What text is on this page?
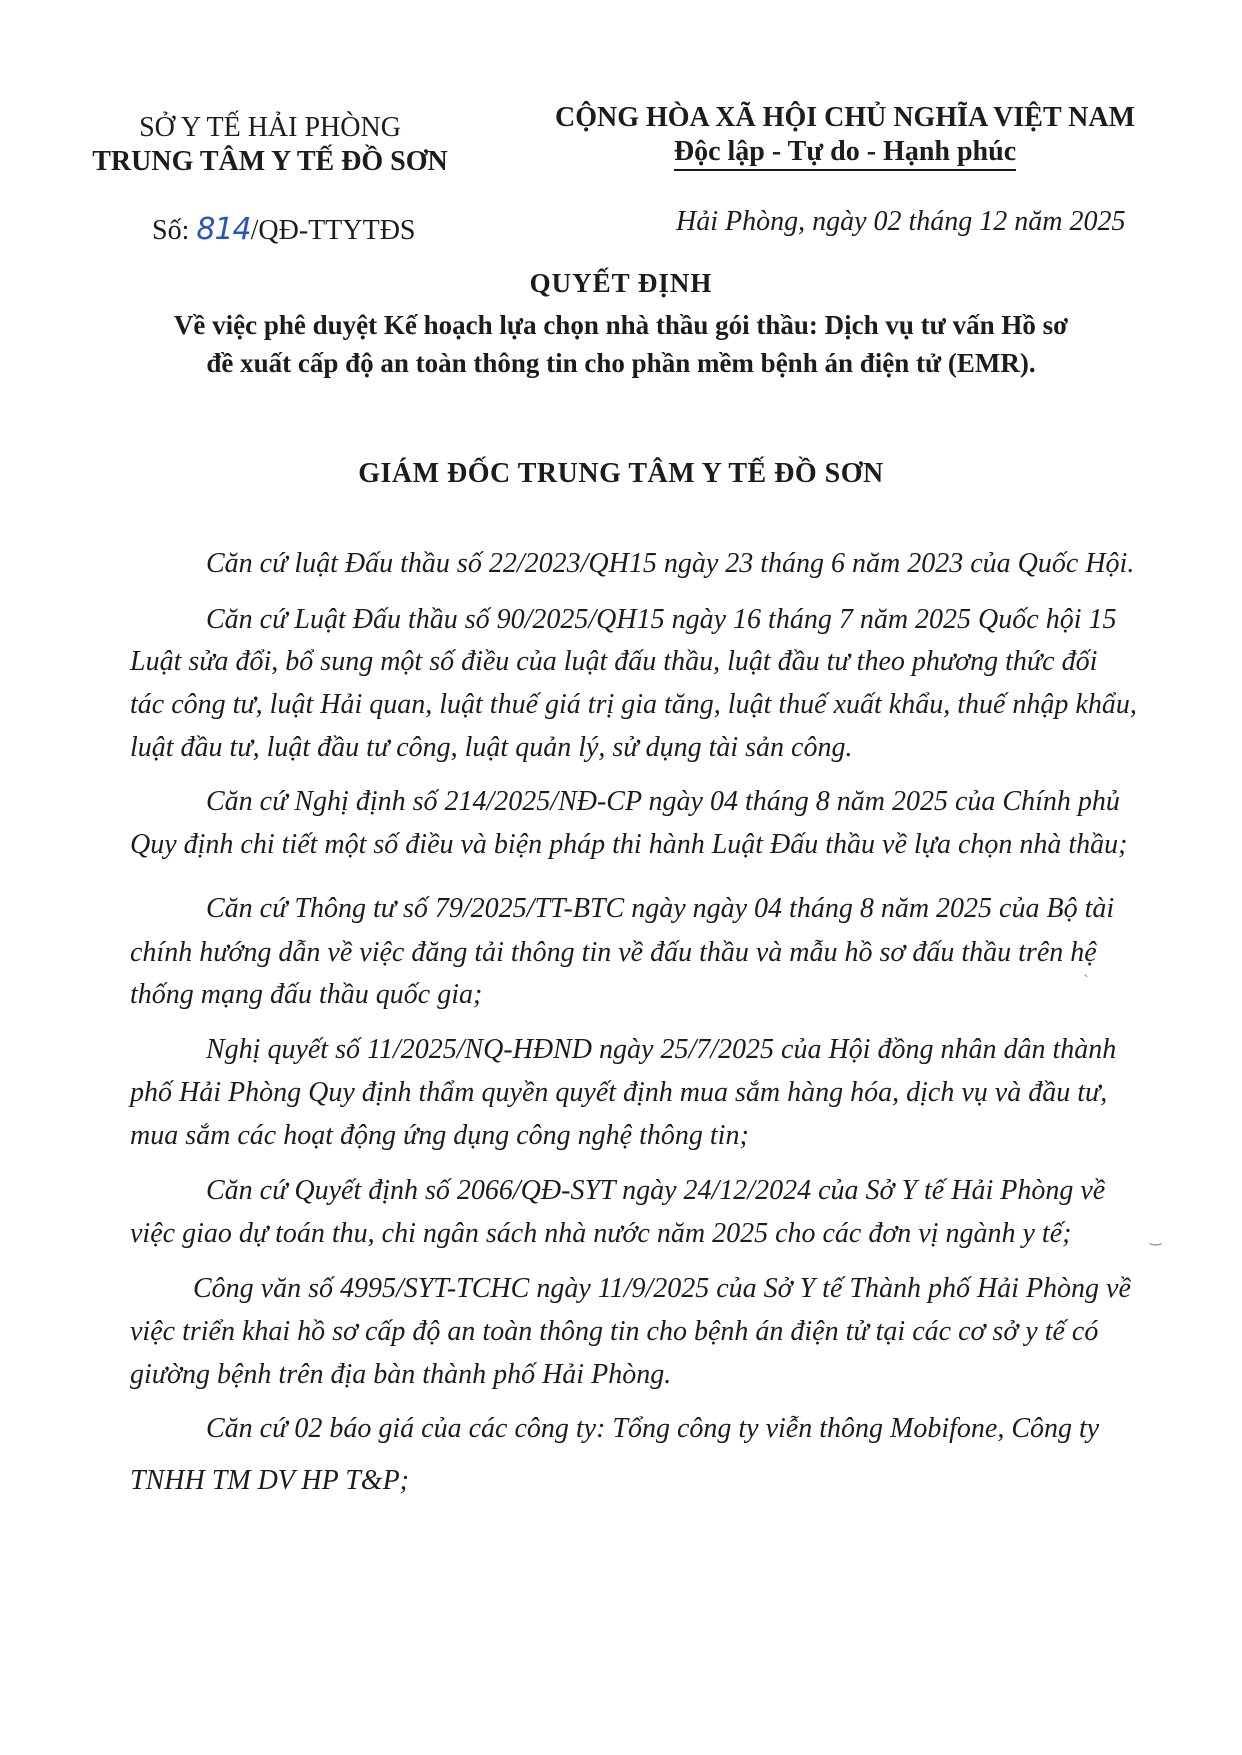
SỞ Y TẾ HẢI PHÒNG
TRUNG TÂM Y TẾ ĐỒ SƠN
CỘNG HÒA XÃ HỘI CHỦ NGHĨA VIỆT NAM
Độc lập - Tự do - Hạnh phúc
Số: 814/QĐ-TTYTĐS	Hải Phòng, ngày 02 tháng 12 năm 2025
QUYẾT ĐỊNH
Về việc phê duyệt Kế hoạch lựa chọn nhà thầu gói thầu: Dịch vụ tư vấn Hồ sơ
đề xuất cấp độ an toàn thông tin cho phần mềm bệnh án điện tử (EMR).
GIÁM ĐỐC TRUNG TÂM Y TẾ ĐỒ SƠN
Căn cứ luật Đấu thầu số 22/2023/QH15 ngày 23 tháng 6 năm 2023 của Quốc Hội.
Căn cứ Luật Đấu thầu số 90/2025/QH15 ngày 16 tháng 7 năm 2025 Quốc hội 15
Luật sửa đổi, bổ sung một số điều của luật đấu thầu, luật đầu tư theo phương thức đối
tác công tư, luật Hải quan, luật thuế giá trị gia tăng, luật thuế xuất khẩu, thuế nhập khẩu,
luật đầu tư, luật đầu tư công, luật quản lý, sử dụng tài sản công.
Căn cứ Nghị định số 214/2025/NĐ-CP ngày 04 tháng 8 năm 2025 của Chính phủ
Quy định chi tiết một số điều và biện pháp thi hành Luật Đấu thầu về lựa chọn nhà thầu;
Căn cứ Thông tư số 79/2025/TT-BTC ngày ngày 04 tháng 8 năm 2025 của Bộ tài
chính hướng dẫn về việc đăng tải thông tin về đấu thầu và mẫu hồ sơ đấu thầu trên hệ
thống mạng đấu thầu quốc gia;
Nghị quyết số 11/2025/NQ-HĐND ngày 25/7/2025 của Hội đồng nhân dân thành
phố Hải Phòng Quy định thẩm quyền quyết định mua sắm hàng hóa, dịch vụ và đầu tư,
mua sắm các hoạt động ứng dụng công nghệ thông tin;
Căn cứ Quyết định số 2066/QĐ-SYT ngày 24/12/2024 của Sở Y tế Hải Phòng về
việc giao dự toán thu, chi ngân sách nhà nước năm 2025 cho các đơn vị ngành y tế;
Công văn số 4995/SYT-TCHC ngày 11/9/2025 của Sở Y tế Thành phố Hải Phòng về
việc triển khai hồ sơ cấp độ an toàn thông tin cho bệnh án điện tử tại các cơ sở y tế có
giường bệnh trên địa bàn thành phố Hải Phòng.
Căn cứ 02 báo giá của các công ty: Tổng công ty viễn thông Mobifone, Công ty
TNHH TM DV HP T&P;
ˋ
‿
